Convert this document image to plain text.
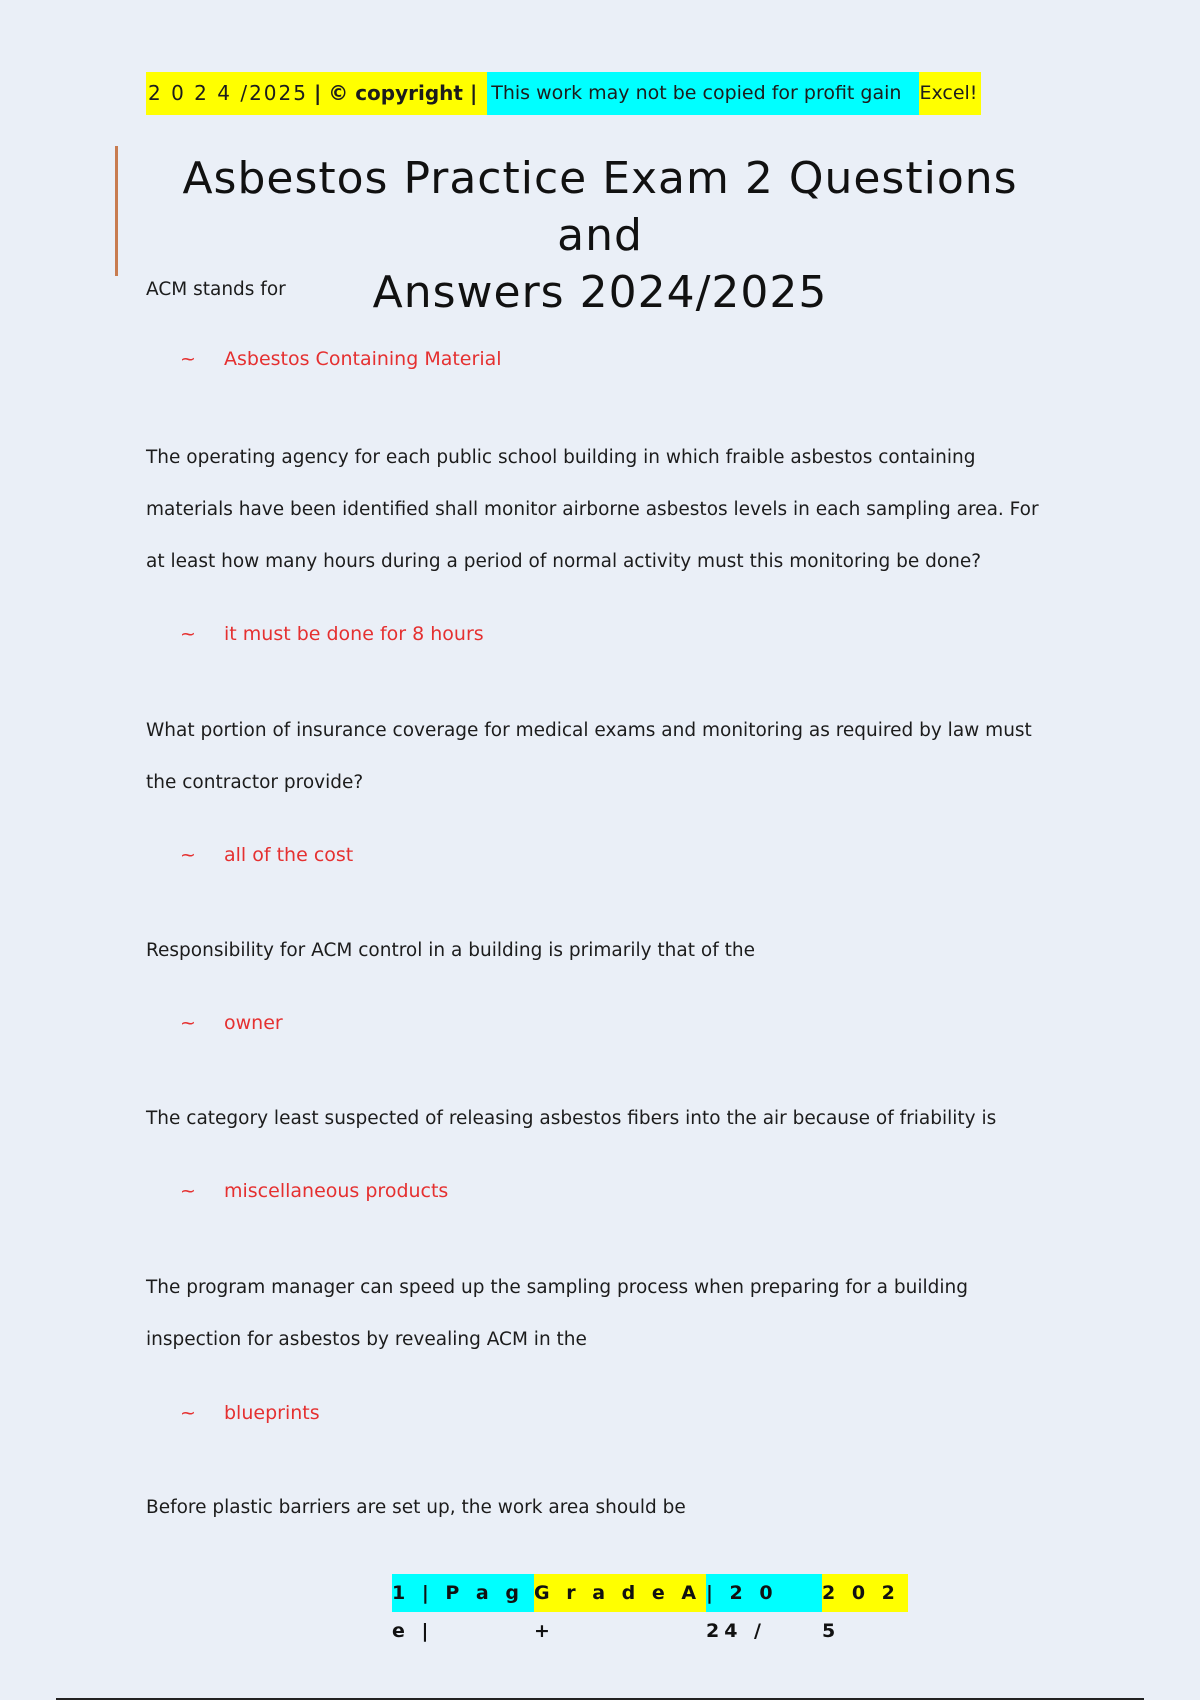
2 0 2 4 /2025 | © copyright | This work may not be copied for profit gain Excel!
Asbestos Practice Exam 2 Questions and
Answers 2024/2025

ACM stands for

~ Asbestos Containing Material

The operating agency for each public school building in which fraible asbestos containing materials have been identified shall monitor airborne asbestos levels in each sampling area. For at least how many hours during a period of normal activity must this monitoring be done?

~ it must be done for 8 hours

What portion of insurance coverage for medical exams and monitoring as required by law must the contractor provide?

~ all of the cost

Responsibility for ACM control in a building is primarily that of the

~ owner

The category least suspected of releasing asbestos fibers into the air because of friability is

~ miscellaneous products

The program manager can speed up the sampling process when preparing for a building inspection for asbestos by revealing ACM in the

~ blueprints

Before plastic barriers are set up, the work area should be

1 | P a g e |
G r a d e A +
| 2 0 24 /
2 0 2 5
